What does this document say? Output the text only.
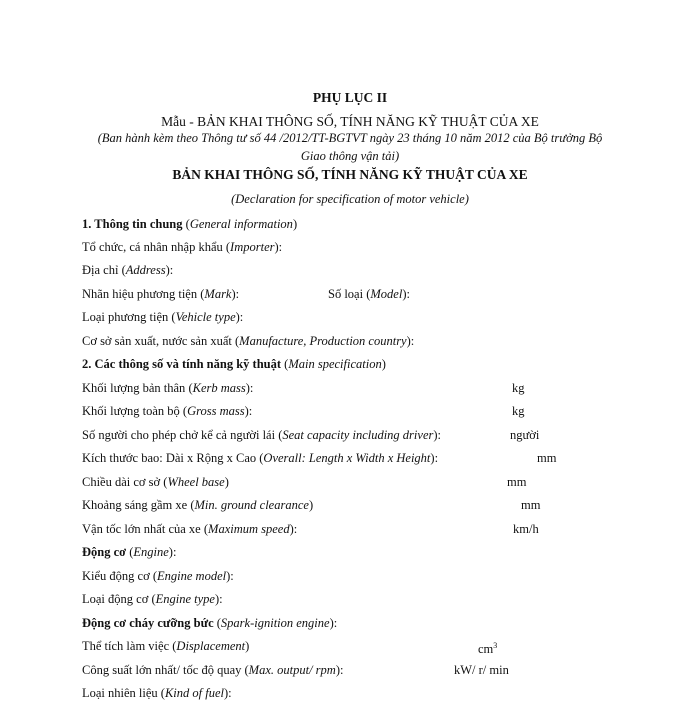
PHỤ LỤC II
Mẫu - BẢN KHAI THÔNG SỐ, TÍNH NĂNG KỸ THUẬT CỦA XE
(Ban hành kèm theo Thông tư số 44 /2012/TT-BGTVT ngày 23 tháng 10 năm 2012 của Bộ trưởng Bộ
Giao thông vận tải)
BẢN KHAI THÔNG SỐ, TÍNH NĂNG KỸ THUẬT CỦA XE
(Declaration for specification of motor vehicle)
1. Thông tin chung (General information)
Tổ chức, cá nhân nhập khẩu (Importer):
Địa chỉ (Address):
Nhãn hiệu phương tiện (Mark):	Số loại (Model):
Loại phương tiện (Vehicle type):
Cơ sở sản xuất, nước sản xuất (Manufacture, Production country):
2. Các thông số và tính năng kỹ thuật (Main specification)
Khối lượng bản thân (Kerb mass):	kg
Khối lượng toàn bộ (Gross mass):	kg
Số người cho phép chở kể cả người lái (Seat capacity including driver):	người
Kích thước bao: Dài x Rộng x Cao (Overall: Length x Width x Height):	mm
Chiều dài cơ sở (Wheel base)	mm
Khoảng sáng gầm xe (Min. ground clearance)	mm
Vận tốc lớn nhất của xe (Maximum speed):	km/h
Động cơ (Engine):
Kiểu động cơ (Engine model):
Loại động cơ (Engine type):
Động cơ cháy cưỡng bức (Spark-ignition engine):
Thể tích làm việc (Displacement)	$cm^3$
Công suất lớn nhất/ tốc độ quay (Max. output/ rpm):	kW/ r/ min
Loại nhiên liệu (Kind of fuel):
